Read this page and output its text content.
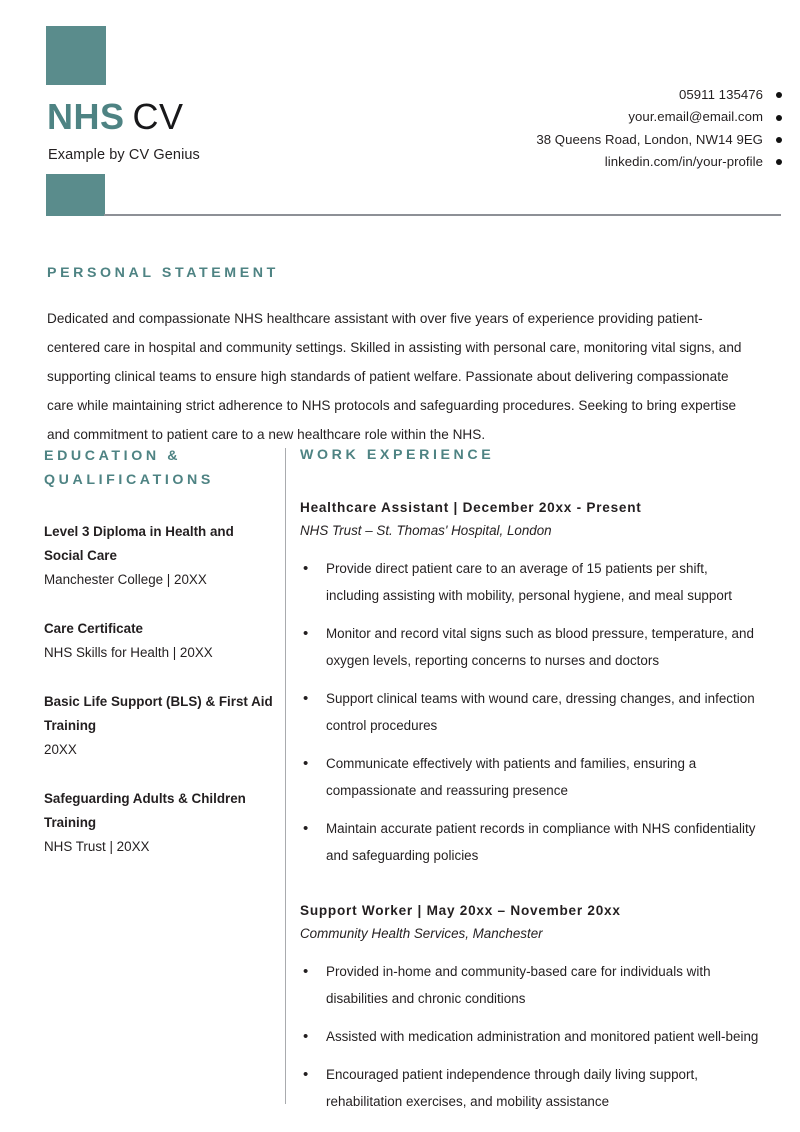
NHS CV
Example by CV Genius
05911 135476
your.email@email.com
38 Queens Road, London, NW14 9EG
linkedin.com/in/your-profile
PERSONAL STATEMENT

Dedicated and compassionate NHS healthcare assistant with over five years of experience providing patient-centered care in hospital and community settings. Skilled in assisting with personal care, monitoring vital signs, and supporting clinical teams to ensure high standards of patient welfare. Passionate about delivering compassionate care while maintaining strict adherence to NHS protocols and safeguarding procedures. Seeking to bring expertise and commitment to patient care to a new healthcare role within the NHS.

EDUCATION & QUALIFICATIONS

Level 3 Diploma in Health and Social Care

Manchester College | 20XX

Care Certificate

NHS Skills for Health | 20XX

Basic Life Support (BLS) & First Aid Training

20XX

Safeguarding Adults & Children Training

NHS Trust | 20XX

WORK EXPERIENCE

Healthcare Assistant | December 20xx - Present

NHS Trust – St. Thomas' Hospital, London

•	Provide direct patient care to an average of 15 patients per shift, including assisting with mobility, personal hygiene, and meal support
•	Monitor and record vital signs such as blood pressure, temperature, and oxygen levels, reporting concerns to nurses and doctors
•	Support clinical teams with wound care, dressing changes, and infection control procedures
•	Communicate effectively with patients and families, ensuring a compassionate and reassuring presence
•	Maintain accurate patient records in compliance with NHS confidentiality and safeguarding policies

Support Worker | May 20xx – November 20xx

Community Health Services, Manchester

•	Provided in-home and community-based care for individuals with disabilities and chronic conditions
•	Assisted with medication administration and monitored patient well-being
•	Encouraged patient independence through daily living support, rehabilitation exercises, and mobility assistance
